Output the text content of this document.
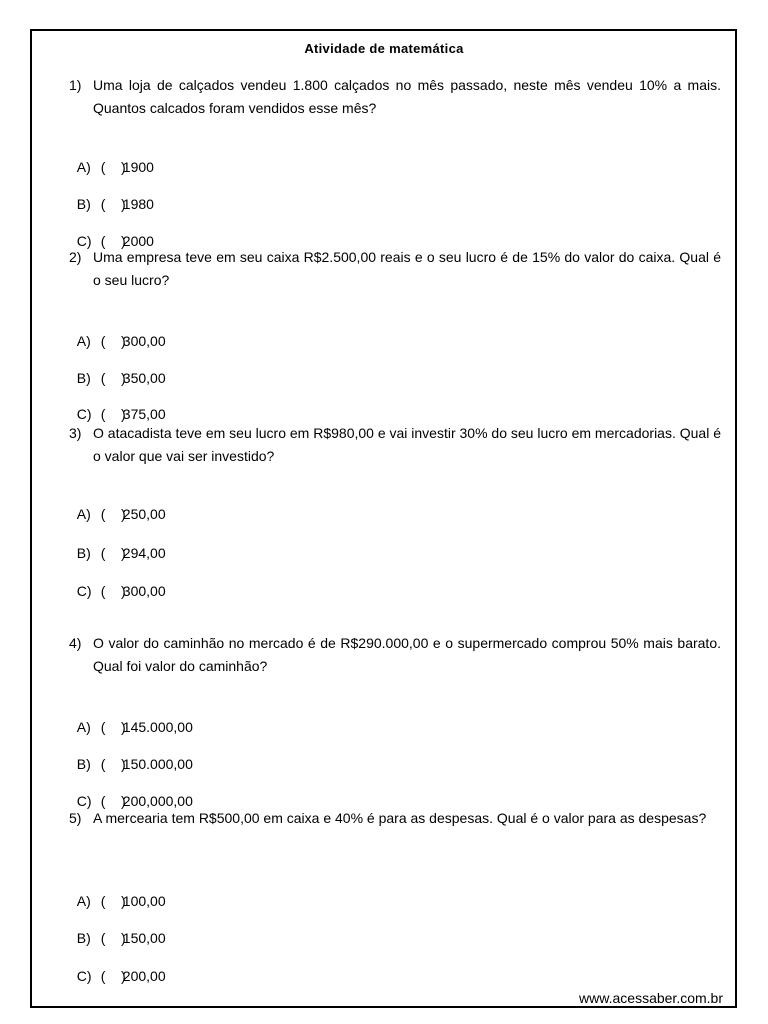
Atividade de matemática
1) Uma loja de calçados vendeu 1.800 calçados no mês passado, neste mês vendeu 10% a mais. Quantos calcados foram vendidos esse mês?

A) (    )1900

B) (    )1980

C) (    )2000

2) Uma empresa teve em seu caixa R$2.500,00 reais e o seu lucro é de 15% do valor do caixa. Qual é o seu lucro?

A) (    )300,00

B) (    )350,00

C) (    )375,00

3) O atacadista teve em seu lucro em R$980,00 e vai investir 30% do seu lucro em mercadorias. Qual é o valor que vai ser investido?

A) (    )250,00

B) (    )294,00

C) (    )300,00

4) O valor do caminhão no mercado é de R$290.000,00 e o supermercado comprou 50% mais barato. Qual foi valor do caminhão?

A) (    )145.000,00

B) (    )150.000,00

C) (    )200,000,00

5) A mercearia tem R$500,00 em caixa e 40% é para as despesas. Qual é o valor para as despesas?

A) (    )100,00

B) (    )150,00

C) (    )200,00

www.acessaber.com.br
